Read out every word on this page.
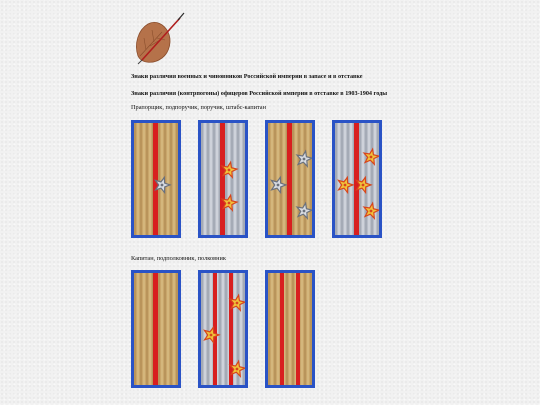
Знаки различия военных и чиновников Российской империи в запасе и в отставке
Знаки различия (контрпогоны) офицеров Российской империи в отставке в 1903-1904 годы
Прапорщик, подпоручик, поручик, штабс-капитан
Капитан, подполковник, полковник
